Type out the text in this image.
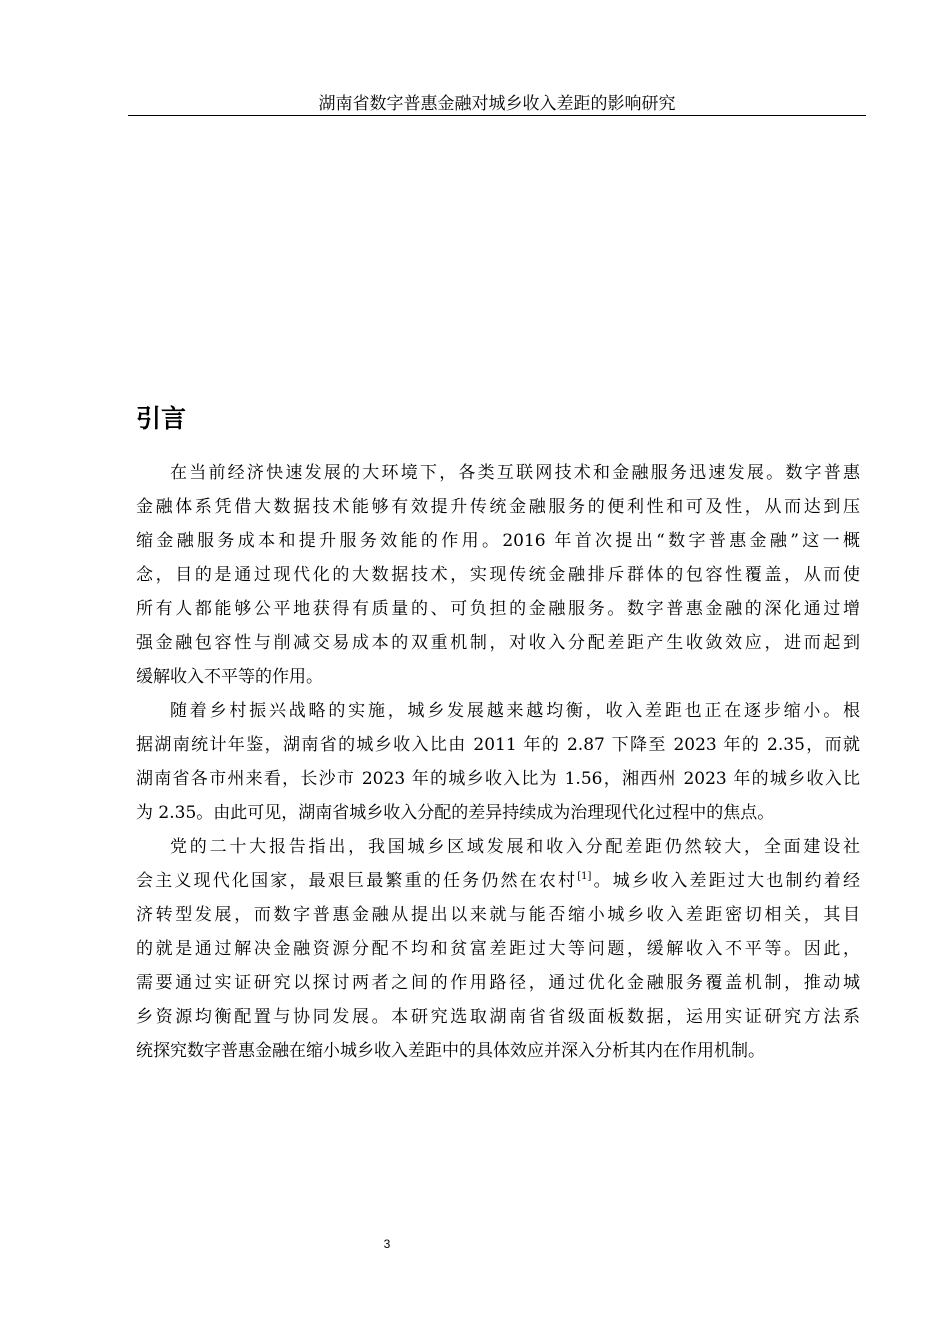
湖南省数字普惠金融对城乡收入差距的影响研究
引言

在当前经济快速发展的大环境下，各类互联网技术和金融服务迅速发展。数字普惠
金融体系凭借大数据技术能够有效提升传统金融服务的便利性和可及性，从而达到压
缩金融服务成本和提升服务效能的作用。2016 年首次提出“数字普惠金融”这一概
念，目的是通过现代化的大数据技术，实现传统金融排斥群体的包容性覆盖，从而使
所有人都能够公平地获得有质量的、可负担的金融服务。数字普惠金融的深化通过增
强金融包容性与削减交易成本的双重机制，对收入分配差距产生收敛效应，进而起到
缓解收入不平等的作用。

随着乡村振兴战略的实施，城乡发展越来越均衡，收入差距也正在逐步缩小。根
据湖南统计年鉴，湖南省的城乡收入比由 2011 年的 2.87 下降至 2023 年的 2.35，而就
湖南省各市州来看，长沙市 2023 年的城乡收入比为 1.56，湘西州 2023 年的城乡收入比
为 2.35。由此可见，湖南省城乡收入分配的差异持续成为治理现代化过程中的焦点。

党的二十大报告指出，我国城乡区域发展和收入分配差距仍然较大，全面建设社
会主义现代化国家，最艰巨最繁重的任务仍然在农村[1]。城乡收入差距过大也制约着经
济转型发展，而数字普惠金融从提出以来就与能否缩小城乡收入差距密切相关，其目
的就是通过解决金融资源分配不均和贫富差距过大等问题，缓解收入不平等。因此，
需要通过实证研究以探讨两者之间的作用路径，通过优化金融服务覆盖机制，推动城
乡资源均衡配置与协同发展。本研究选取湖南省省级面板数据，运用实证研究方法系
统探究数字普惠金融在缩小城乡收入差距中的具体效应并深入分析其内在作用机制。

3
